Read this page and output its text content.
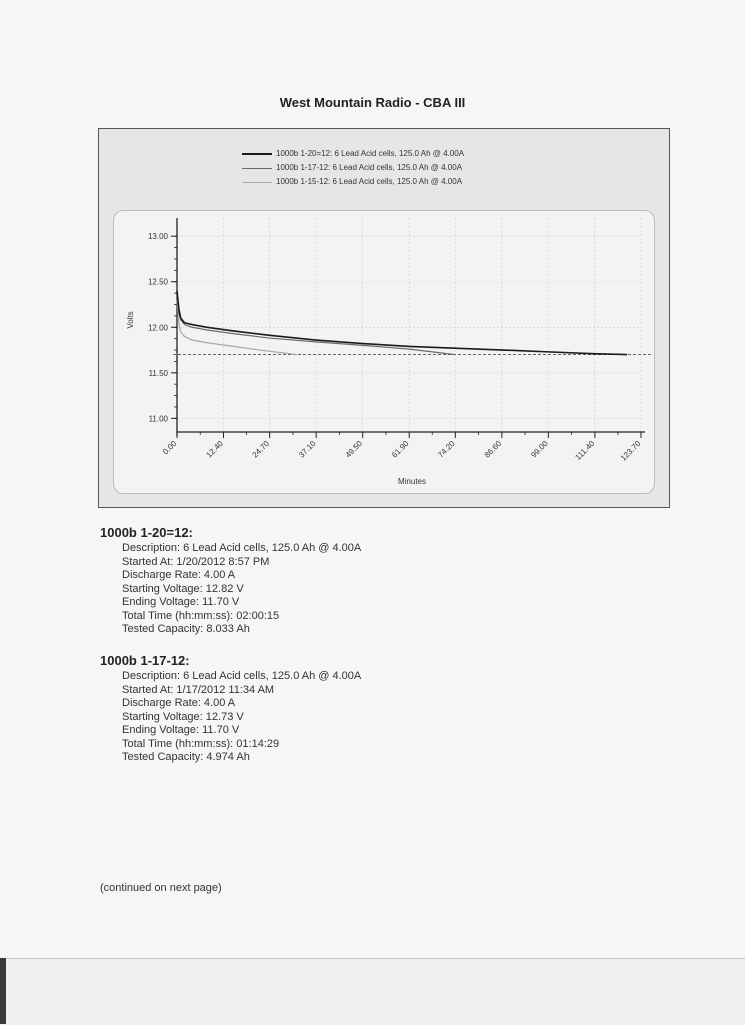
West Mountain Radio - CBA III
1000b 1-20=12: 6 Lead Acid cells, 125.0 Ah @ 4.00A
1000b 1-17-12: 6 Lead Acid cells, 125.0 Ah @ 4.00A
1000b 1-15-12: 6 Lead Acid cells, 125.0 Ah @ 4.00A
13.00
12.50
12.00
11.50
11.00
0.00	12.40	24.70	37.10	49.50	61.90	74.20	86.60	99.00	111.40	123.70
Volts
Minutes
1000b 1-20=12:
Description: 6 Lead Acid cells, 125.0 Ah @ 4.00A
Started At: 1/20/2012 8:57 PM
Discharge Rate: 4.00 A
Starting Voltage: 12.82 V
Ending Voltage: 11.70 V
Total Time (hh:mm:ss): 02:00:15
Tested Capacity: 8.033 Ah
1000b 1-17-12:
Description: 6 Lead Acid cells, 125.0 Ah @ 4.00A
Started At: 1/17/2012 11:34 AM
Discharge Rate: 4.00 A
Starting Voltage: 12.73 V
Ending Voltage: 11.70 V
Total Time (hh:mm:ss): 01:14:29
Tested Capacity: 4.974 Ah
(continued on next page)
